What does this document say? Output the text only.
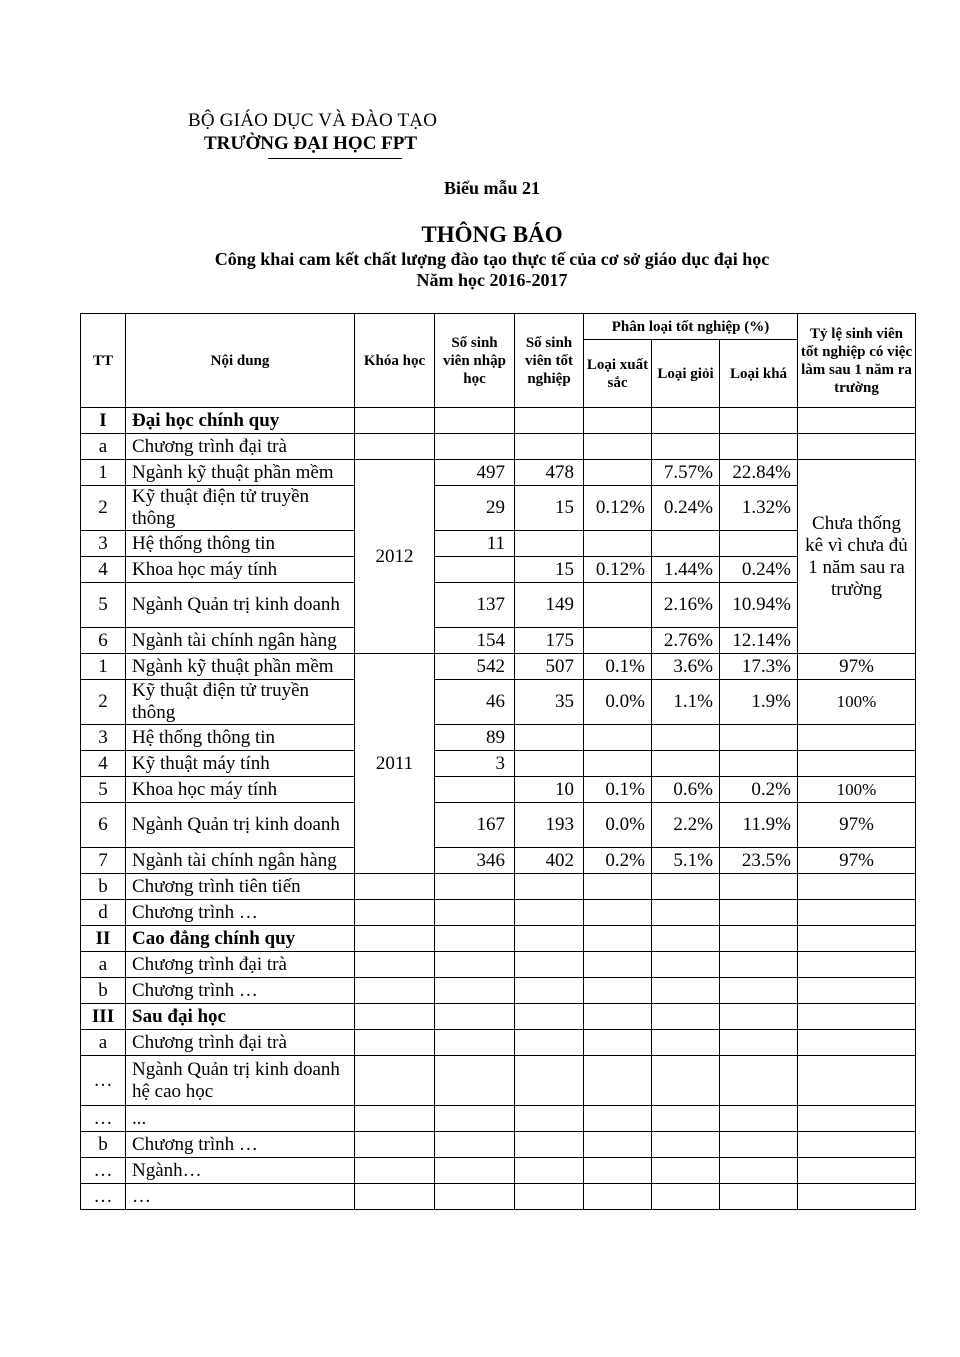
BỘ GIÁO DỤC VÀ ĐÀO TẠO
TRƯỜNG ĐẠI HỌC FPT
Biểu mẫu 21
THÔNG BÁO
Công khai cam kết chất lượng đào tạo thực tế của cơ sở giáo dục đại học
Năm học 2016-2017
TT	Nội dung	Khóa học	Số sinh viên nhập học	Số sinh viên tốt nghiệp	Phân loại tốt nghiệp (%)			Tỷ lệ sinh viên tốt nghiệp có việc làm sau 1 năm ra trường
					Loại xuất sắc	Loại giỏi	Loại khá	
I	Đại học chính quy							
a	Chương trình đại trà							
1	Ngành kỹ thuật phần mềm	2012	497	478		7.57%	22.84%	Chưa thống kê vì chưa đủ 1 năm sau ra trường
2	Kỹ thuật điện tử truyền thông		29	15	0.12%	0.24%	1.32%	
3	Hệ thống thông tin		11					
4	Khoa học máy tính			15	0.12%	1.44%	0.24%	
5	Ngành Quản trị kinh doanh		137	149		2.16%	10.94%	
6	Ngành tài chính ngân hàng		154	175		2.76%	12.14%	
1	Ngành kỹ thuật phần mềm	2011	542	507	0.1%	3.6%	17.3%	97%
2	Kỹ thuật điện tử truyền thông		46	35	0.0%	1.1%	1.9%	100%
3	Hệ thống thông tin		89					
4	Kỹ thuật máy tính		3					
5	Khoa học máy tính			10	0.1%	0.6%	0.2%	100%
6	Ngành Quản trị kinh doanh		167	193	0.0%	2.2%	11.9%	97%
7	Ngành tài chính ngân hàng		346	402	0.2%	5.1%	23.5%	97%
b	Chương trình tiên tiến							
d	Chương trình …							
II	Cao đẳng chính quy							
a	Chương trình đại trà							
b	Chương trình …							
III	Sau đại học							
a	Chương trình đại trà							
…	Ngành Quản trị kinh doanh hệ cao học							
…	...							
b	Chương trình …							
…	Ngành…							
…	…							
